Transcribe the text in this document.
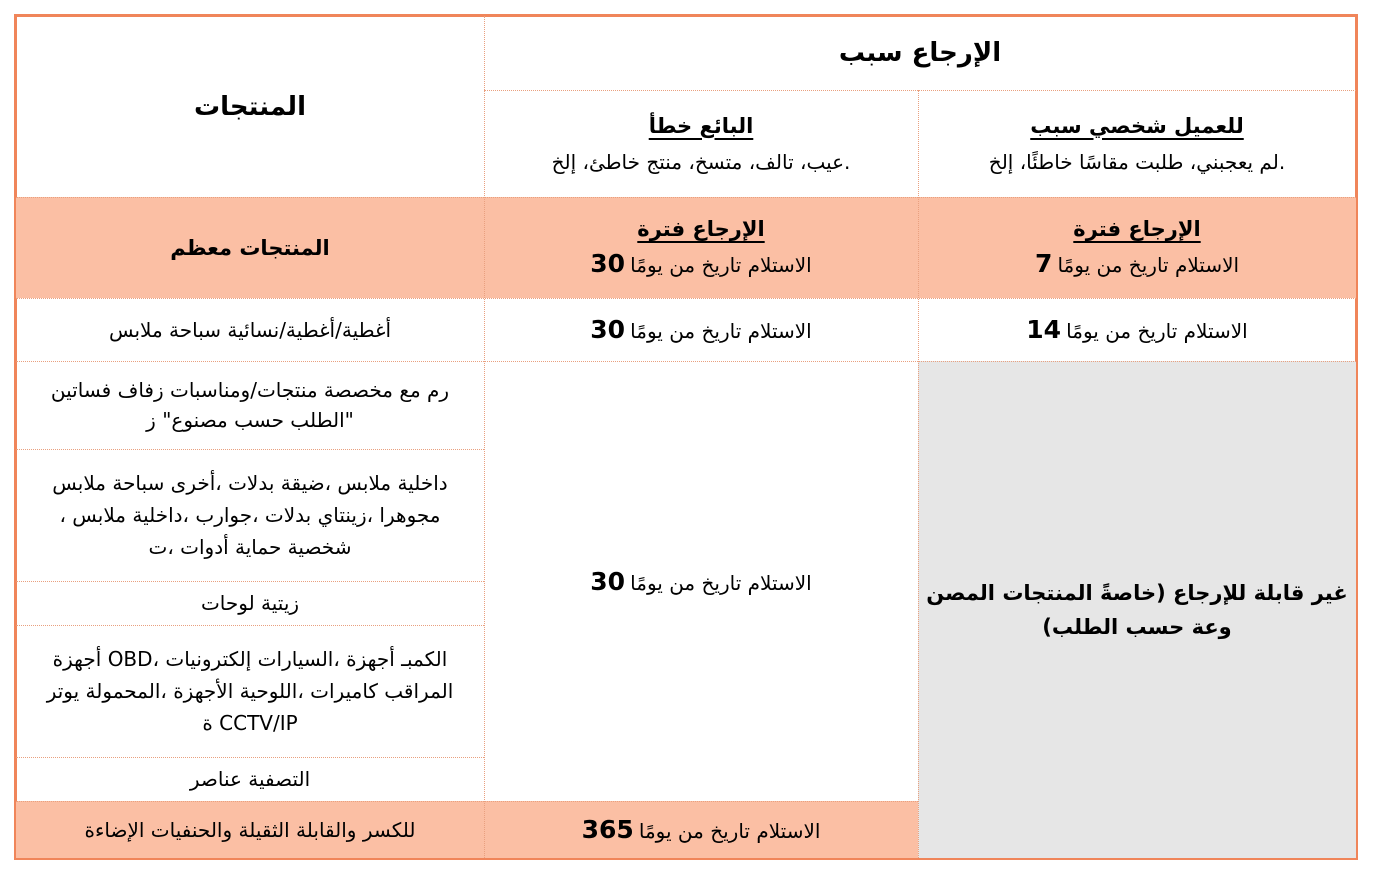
المنتجات
الإرجاع سبب
للعميل شخصي سبب
.لم يعجبني، طلبت مقاسًا خاطئًا، إلخ
البائع خطأ
.عيب، تالف، متسخ، منتج خاطئ، إلخ
المنتجات معظم
الإرجاع فترة
الاستلام تاريخ من يومًا 7
الإرجاع فترة
الاستلام تاريخ من يومًا 30
أغطية/أغطية/نسائية سباحة ملابس	الاستلام تاريخ من يومًا 14
الاستلام تاريخ من يومًا 30
غير قابلة للإرجاع (خاصةً المنتجات المصن
وعة حسب الطلب)
الاستلام تاريخ من يومًا 30
رم مع مخصصة منتجات/ومناسبات زفاف فساتين
"الطلب حسب مصنوع" ز
داخلية ملابس ،ضيقة بدلات ،أخرى سباحة ملابس
مجوهرا ،زينتاي بدلات ،جوارب ،داخلية ملابس ،
شخصية حماية أدوات ،ت
زيتية لوحات
الكمبـ أجهزة ،السيارات إلكترونيات ،OBD أجهزة
المراقب كاميرات ،اللوحية الأجهزة ،المحمولة يوتر
CCTV/IP ة
التصفية عناصر
للكسر والقابلة الثقيلة والحنفيات الإضاءة	الاستلام تاريخ من يومًا 365
